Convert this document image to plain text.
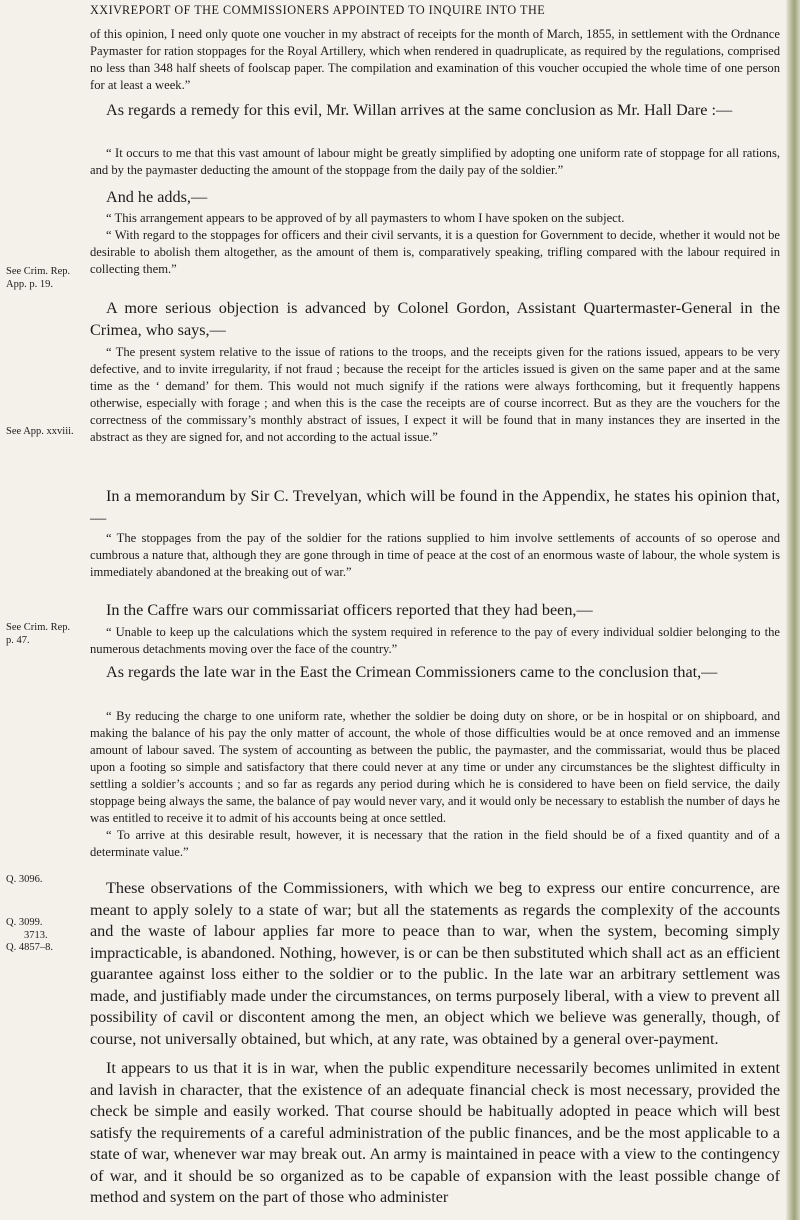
XXIV REPORT OF THE COMMISSIONERS APPOINTED TO INQUIRE INTO THE
See Crim. Rep.
App. p. 19.
See App. xxviii.
See Crim. Rep.
p. 47.
Q. 3096.
Q. 3099.
3713.
Q. 4857–8.

of this opinion, I need only quote one voucher in my abstract of receipts for the month of March, 1855, in settlement with the Ordnance Paymaster for ration stoppages for the Royal Artillery, which when rendered in quadruplicate, as required by the regulations, comprised no less than 348 half sheets of foolscap paper. The compilation and examination of this voucher occupied the whole time of one person for at least a week.”

As regards a remedy for this evil, Mr. Willan arrives at the same conclusion as Mr. Hall Dare :—

“ It occurs to me that this vast amount of labour might be greatly simplified by adopting one uniform rate of stoppage for all rations, and by the paymaster deducting the amount of the stoppage from the daily pay of the soldier.”

And he adds,—

“ This arrangement appears to be approved of by all paymasters to whom I have spoken on the subject.

“ With regard to the stoppages for officers and their civil servants, it is a question for Government to decide, whether it would not be desirable to abolish them altogether, as the amount of them is, comparatively speaking, trifling compared with the labour required in collecting them.”

A more serious objection is advanced by Colonel Gordon, Assistant Quartermaster-General in the Crimea, who says,—

“ The present system relative to the issue of rations to the troops, and the receipts given for the rations issued, appears to be very defective, and to invite irregularity, if not fraud ; because the receipt for the articles issued is given on the same paper and at the same time as the ‘ demand’ for them. This would not much signify if the rations were always forthcoming, but it frequently happens otherwise, especially with forage ; and when this is the case the receipts are of course incorrect. But as they are the vouchers for the correctness of the commissary’s monthly abstract of issues, I expect it will be found that in many instances they are inserted in the abstract as they are signed for, and not according to the actual issue.”

In a memorandum by Sir C. Trevelyan, which will be found in the Appendix, he states his opinion that,—

“ The stoppages from the pay of the soldier for the rations supplied to him involve settlements of accounts of so operose and cumbrous a nature that, although they are gone through in time of peace at the cost of an enormous waste of labour, the whole system is immediately abandoned at the breaking out of war.”

In the Caffre wars our commissariat officers reported that they had been,—

“ Unable to keep up the calculations which the system required in reference to the pay of every individual soldier belonging to the numerous detachments moving over the face of the country.”

As regards the late war in the East the Crimean Commissioners came to the conclusion that,—

“ By reducing the charge to one uniform rate, whether the soldier be doing duty on shore, or be in hospital or on shipboard, and making the balance of his pay the only matter of account, the whole of those difficulties would be at once removed and an immense amount of labour saved. The system of accounting as between the public, the paymaster, and the commissariat, would thus be placed upon a footing so simple and satisfactory that there could never at any time or under any circumstances be the slightest difficulty in settling a soldier’s accounts ; and so far as regards any period during which he is considered to have been on field service, the daily stoppage being always the same, the balance of pay would never vary, and it would only be necessary to establish the number of days he was entitled to receive it to admit of his accounts being at once settled.

“ To arrive at this desirable result, however, it is necessary that the ration in the field should be of a fixed quantity and of a determinate value.”

These observations of the Commissioners, with which we beg to express our entire concurrence, are meant to apply solely to a state of war; but all the statements as regards the complexity of the accounts and the waste of labour applies far more to peace than to war, when the system, becoming simply impracticable, is abandoned. Nothing, however, is or can be then substituted which shall act as an efficient guarantee against loss either to the soldier or to the public. In the late war an arbitrary settlement was made, and justifiably made under the circumstances, on terms purposely liberal, with a view to prevent all possibility of cavil or discontent among the men, an object which we believe was generally, though, of course, not universally obtained, but which, at any rate, was obtained by a general over-payment.

It appears to us that it is in war, when the public expenditure necessarily becomes unlimited in extent and lavish in character, that the existence of an adequate financial check is most necessary, provided the check be simple and easily worked. That course should be habitually adopted in peace which will best satisfy the requirements of a careful administration of the public finances, and be the most applicable to a state of war, whenever war may break out. An army is maintained in peace with a view to the contingency of war, and it should be so organized as to be capable of expansion with the least possible change of method and system on the part of those who administer
